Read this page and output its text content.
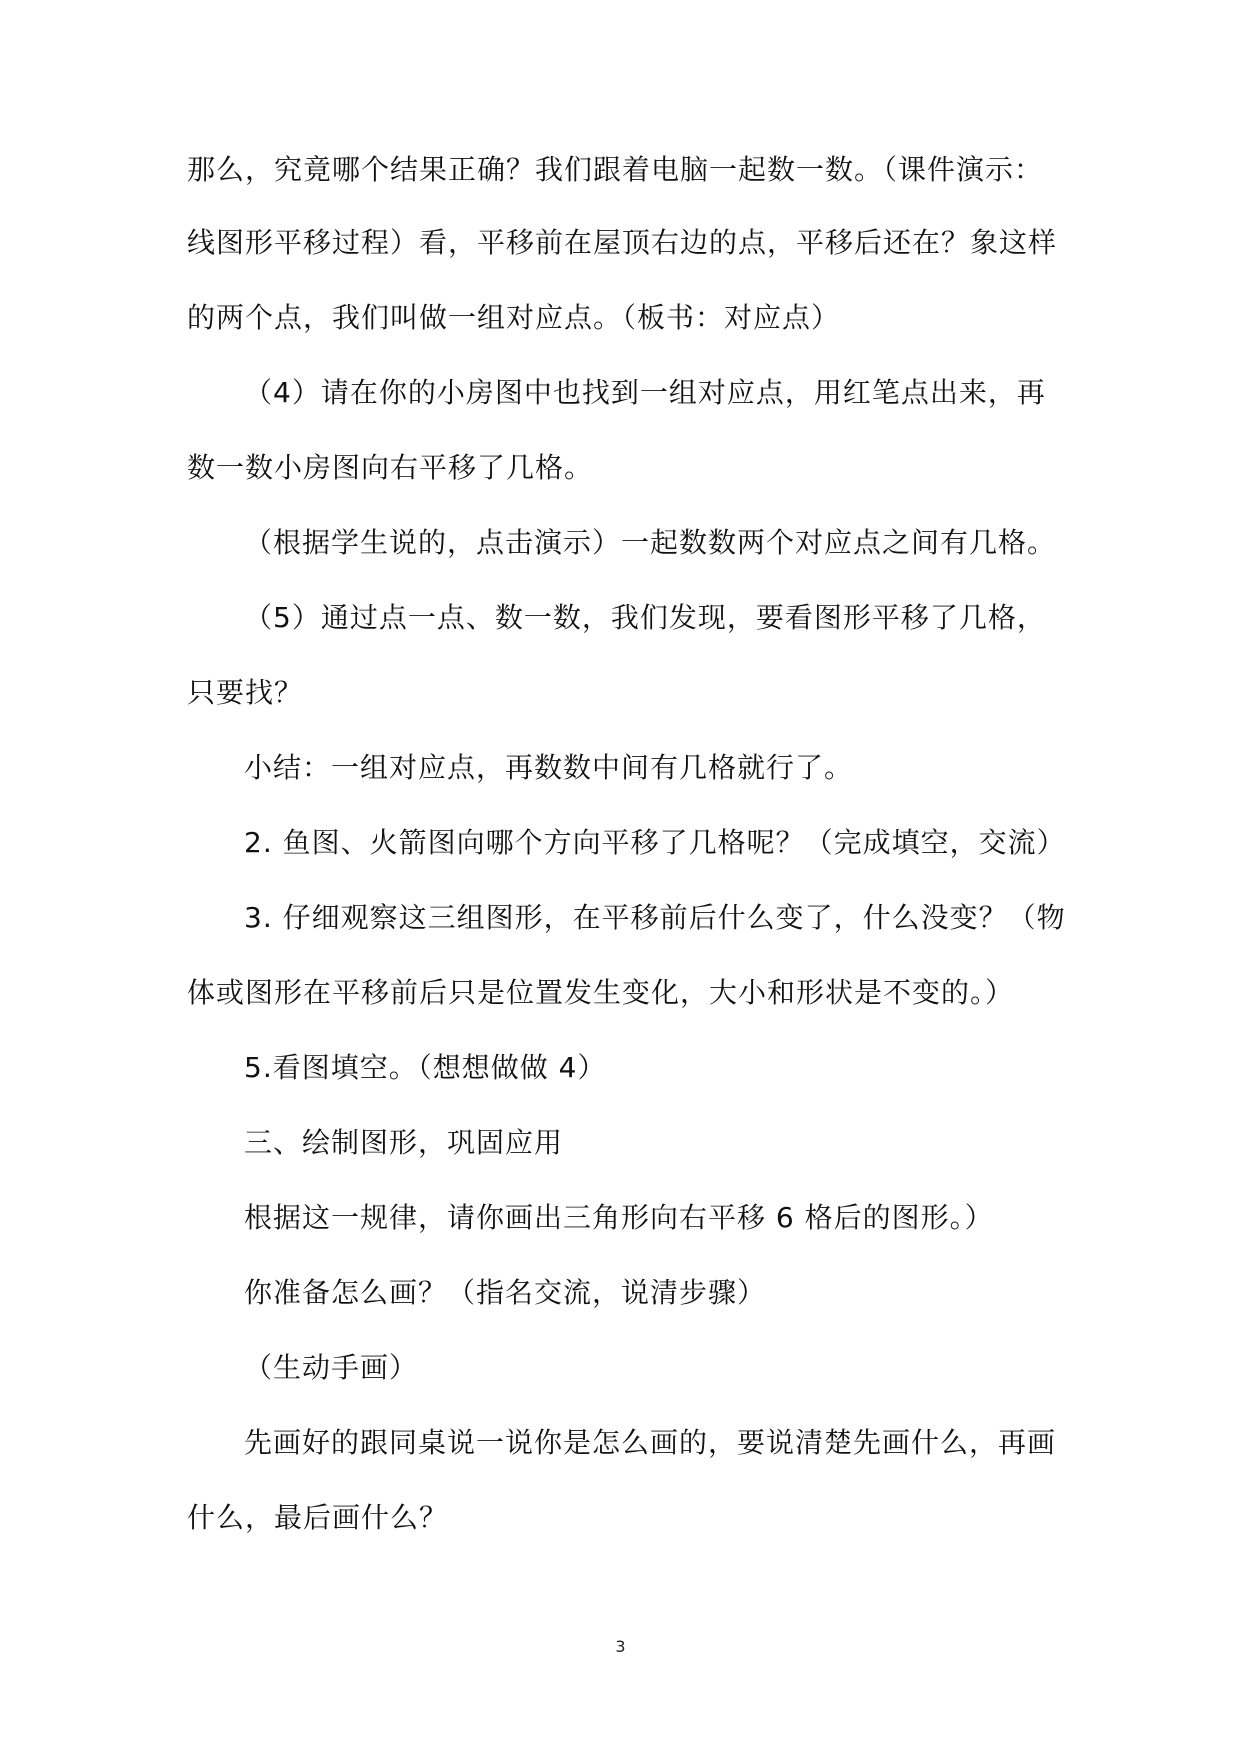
那么，究竟哪个结果正确？我们跟着电脑一起数一数。（课件演示：
线图形平移过程）看，平移前在屋顶右边的点，平移后还在？象这样
的两个点，我们叫做一组对应点。（板书：对应点）
（4）请在你的小房图中也找到一组对应点，用红笔点出来，再
数一数小房图向右平移了几格。
（根据学生说的，点击演示）一起数数两个对应点之间有几格。
（5）通过点一点、数一数，我们发现，要看图形平移了几格，
只要找？
小结：一组对应点，再数数中间有几格就行了。
2. 鱼图、火箭图向哪个方向平移了几格呢？（完成填空，交流）
3. 仔细观察这三组图形，在平移前后什么变了，什么没变？（物
体或图形在平移前后只是位置发生变化，大小和形状是不变的。）
5.看图填空。（想想做做 4）
三、绘制图形，巩固应用
根据这一规律，请你画出三角形向右平移 6 格后的图形。）
你准备怎么画？（指名交流，说清步骤）
（生动手画）
先画好的跟同桌说一说你是怎么画的，要说清楚先画什么，再画
什么，最后画什么？
3
